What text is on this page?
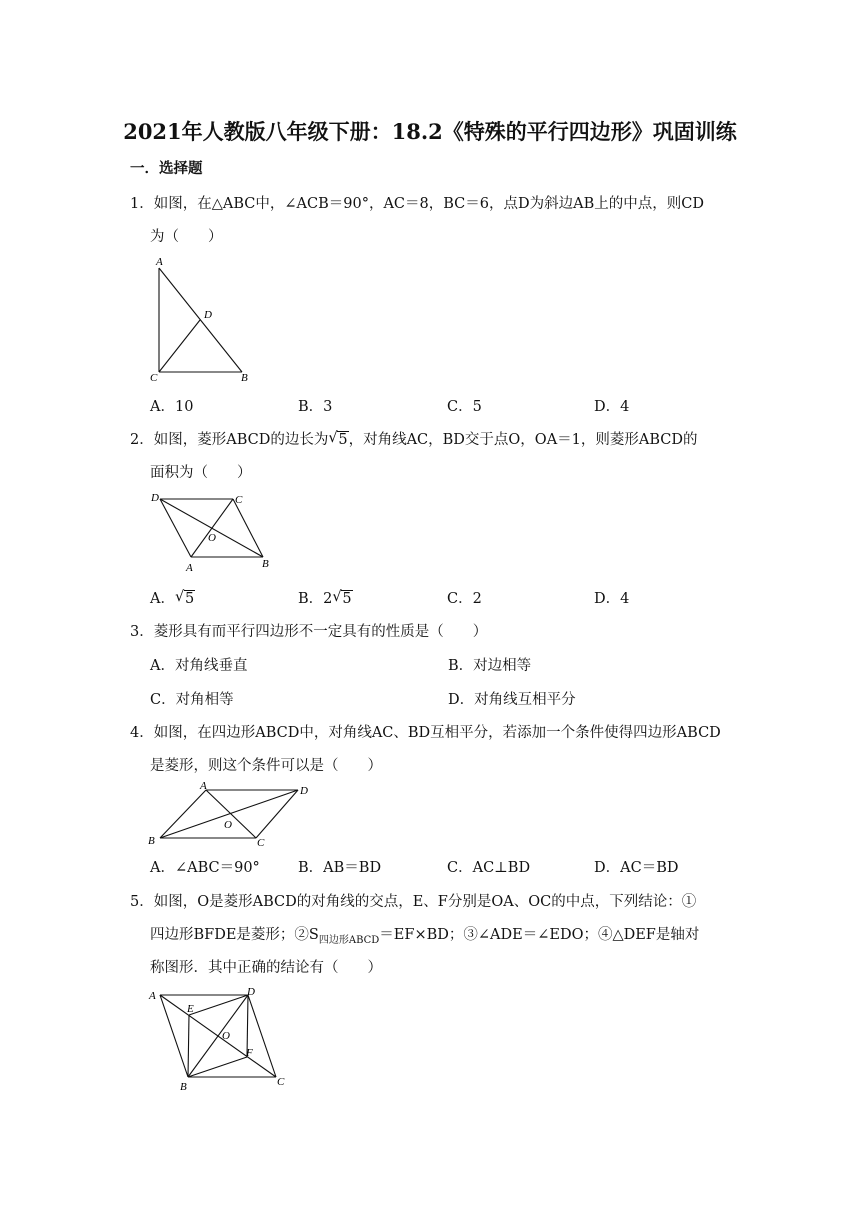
2021年人教版八年级下册：18.2《特殊的平行四边形》巩固训练
一．选择题
1．如图，在△ABC中，∠ACB＝90°，AC＝8，BC＝6，点D为斜边AB上的中点，则CD
为（　　）
A
D
C	B
A．10	B．3	C．5	D．4
2．如图，菱形ABCD的边长为 √ 5，对角线AC，BD交于点O，OA＝1，则菱形ABCD的
面积为（　　）
D	C
O
A	B
A． √ 5	B．2 √ 5	C．2	D．4
3．菱形具有而平行四边形不一定具有的性质是（　　）
A．对角线垂直	B．对边相等
C．对角相等	D．对角线互相平分
4．如图，在四边形ABCD中，对角线AC、BD互相平分，若添加一个条件使得四边形ABCD
是菱形，则这个条件可以是（　　）
A	D
O
B	C
A．∠ABC＝90°	B．AB＝BD	C．AC⊥BD	D．AC＝BD
5．如图，O是菱形ABCD的对角线的交点，E、F分别是OA、OC的中点，下列结论：①
四边形BFDE是菱形；$②S_{四边形ABCD}=EF\times BD$；③∠ADE＝∠EDO；④△DEF是轴对
称图形．其中正确的结论有（　　）
A	D
E
O
F
B	C
